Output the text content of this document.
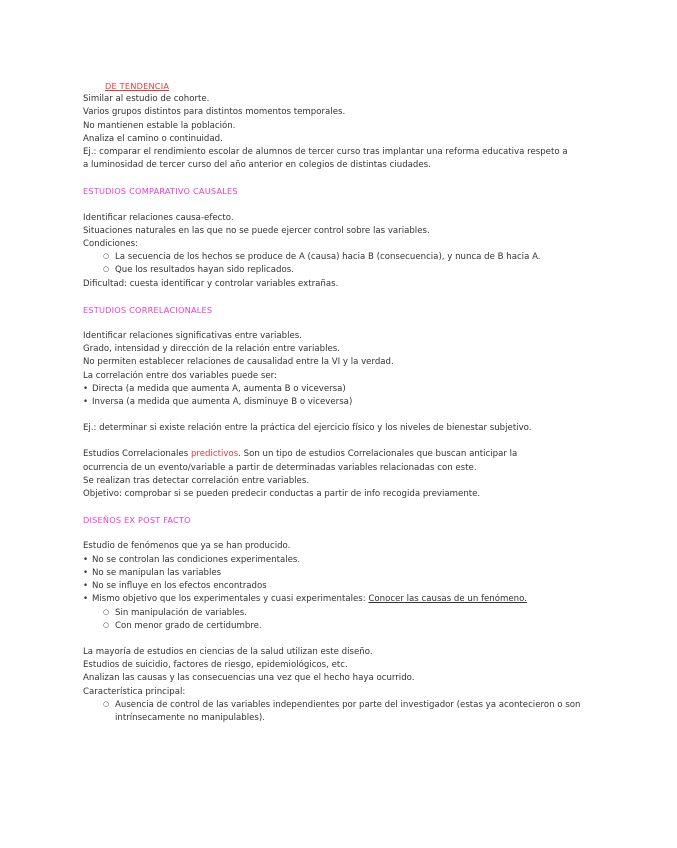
DE TENDENCIA

Similar al estudio de cohorte.

Varios grupos distintos para distintos momentos temporales.

No mantienen estable la población.

Analiza el camino o continuidad.

Ej.: comparar el rendimiento escolar de alumnos de tercer curso tras implantar una reforma educativa respeto a

a luminosidad de tercer curso del año anterior en colegios de distintas ciudades.

ESTUDIOS COMPARATIVO CAUSALES

Identificar relaciones causa-efecto.

Situaciones naturales en las que no se puede ejercer control sobre las variables.

Condiciones:

○ La secuencia de los hechos se produce de A (causa) hacia B (consecuencia), y nunca de B hacia A.

○ Que los resultados hayan sido replicados.

Dificultad: cuesta identificar y controlar variables extrañas.

ESTUDIOS CORRELACIONALES

Identificar relaciones significativas entre variables.

Grado, intensidad y dirección de la relación entre variables.

No permiten establecer relaciones de causalidad entre la VI y la verdad.

La correlación entre dos variables puede ser:

• Directa (a medida que aumenta A, aumenta B o viceversa)

• Inversa (a medida que aumenta A, disminuye B o viceversa)

Ej.: determinar si existe relación entre la práctica del ejercicio físico y los niveles de bienestar subjetivo.

Estudios Correlacionales predictivos. Son un tipo de estudios Correlacionales que buscan anticipar la

ocurrencia de un evento/variable a partir de determinadas variables relacionadas con este.

Se realizan tras detectar correlación entre variables.

Objetivo: comprobar si se pueden predecir conductas a partir de info recogida previamente.

DISEÑOS EX POST FACTO

Estudio de fenómenos que ya se han producido.

• No se controlan las condiciones experimentales.

• No se manipulan las variables

• No se influye en los efectos encontrados

• Mismo objetivo que los experimentales y cuasi experimentales: Conocer las causas de un fenómeno.

○ Sin manipulación de variables.

○ Con menor grado de certidumbre.

La mayoría de estudios en ciencias de la salud utilizan este diseño.

Estudios de suicidio, factores de riesgo, epidemiológicos, etc.

Analizan las causas y las consecuencias una vez que el hecho haya ocurrido.

Característica principal:

○ Ausencia de control de las variables independientes por parte del investigador (estas ya acontecieron o son intrínsecamente no manipulables).
